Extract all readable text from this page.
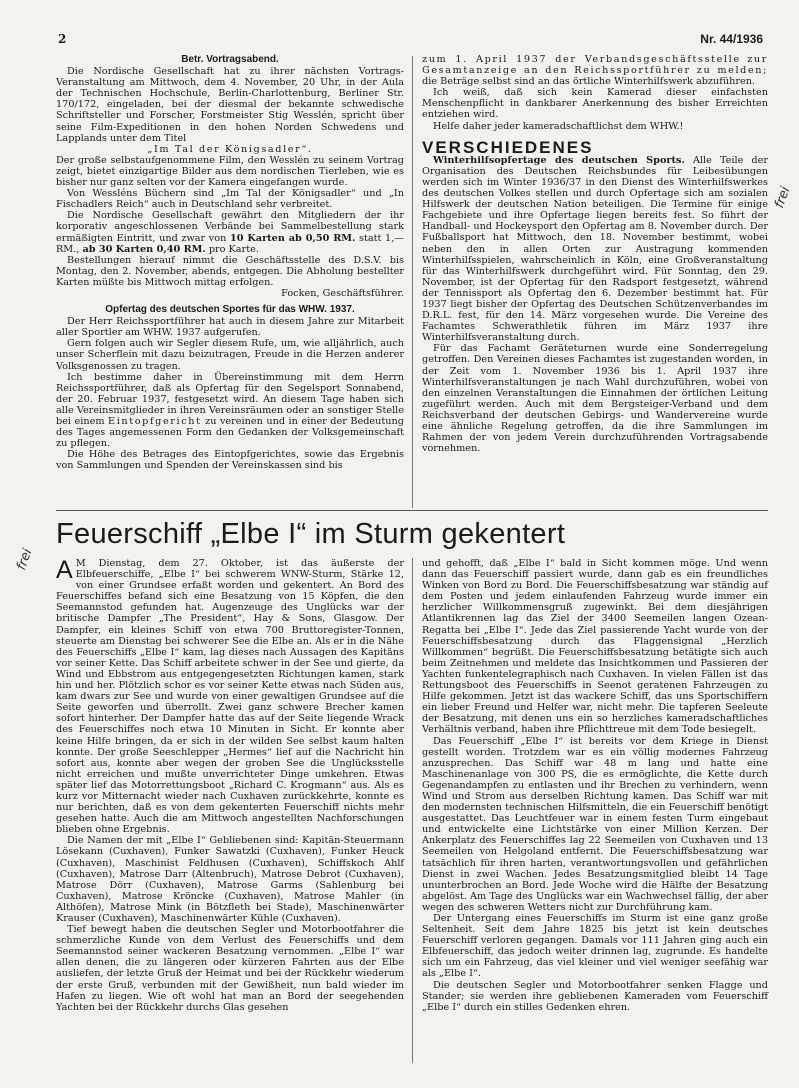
2	Nr. 44/1936
Betr. Vortragsabend.

Die Nordische Gesellschaft hat zu ihrer nächsten Vortrags-Veranstaltung am Mittwoch, dem 4. November, 20 Uhr, in der Aula der Technischen Hochschule, Berlin-Charlottenburg, Berliner Str. 170/172, eingeladen, bei der diesmal der bekannte schwedische Schriftsteller und Forscher, Forstmeister Stig Wesslén, spricht über seine Film-Expeditionen in den hohen Norden Schwedens und Lapplands unter dem Titel

„Im Tal der Königsadler“.

Der große selbstaufgenommene Film, den Wesslén zu seinem Vortrag zeigt, bietet einzigartige Bilder aus dem nordischen Tierleben, wie es bisher nur ganz selten vor der Kamera eingefangen wurde.

Von Wessléns Büchern sind „Im Tal der Königsadler“ und „In Fischadlers Reich“ auch in Deutschland sehr verbreitet.

Die Nordische Gesellschaft gewährt den Mitgliedern der ihr korporativ angeschlossenen Verbände bei Sammelbestellung stark ermäßigten Eintritt, und zwar von 10 Karten ab 0,50 RM. statt 1,— RM., ab 30 Karten 0,40 RM. pro Karte.

Bestellungen hierauf nimmt die Geschäftsstelle des D.S.V. bis Montag, den 2. November, abends, entgegen. Die Abholung bestellter Karten müßte bis Mittwoch mittag erfolgen.

Focken, Geschäftsführer.

Opfertag des deutschen Sportes für das WHW. 1937.

Der Herr Reichssportführer hat auch in diesem Jahre zur Mitarbeit aller Sportler am WHW. 1937 aufgerufen.

Gern folgen auch wir Segler diesem Rufe, um, wie alljährlich, auch unser Scherflein mit dazu beizutragen, Freude in die Herzen anderer Volksgenossen zu tragen.

Ich bestimme daher in Übereinstimmung mit dem Herrn Reichssportführer, daß als Opfertag für den Segelsport Sonnabend, der 20. Februar 1937, festgesetzt wird. An diesem Tage haben sich alle Vereinsmitglieder in ihren Vereinsräumen oder an sonstiger Stelle bei einem Eintopfgericht zu vereinen und in einer der Bedeutung des Tages angemessenen Form den Gedanken der Volksgemeinschaft zu pflegen.

Die Höhe des Betrages des Eintopfgerichtes, sowie das Ergebnis von Sammlungen und Spenden der Vereinskassen sind bis

zum 1. April 1937 der Verbandsgeschäftsstelle zur Gesamtanzeige an den Reichssportführer zu melden; die Beträge selbst sind an das örtliche Winterhilfswerk abzuführen.

Ich weiß, daß sich kein Kamerad dieser einfachsten Menschenpflicht in dankbarer Anerkennung des bisher Erreichten entziehen wird.

Helfe daher jeder kameradschaftlichst dem WHW.!

VERSCHIEDENES

Winterhilfsopfertage des deutschen Sports. Alle Teile der Organisation des Deutschen Reichsbundes für Leibesübungen werden sich im Winter 1936/37 in den Dienst des Winterhilfswerkes des deutschen Volkes stellen und durch Opfertage sich am sozialen Hilfswerk der deutschen Nation beteiligen. Die Termine für einige Fachgebiete und ihre Opfertage liegen bereits fest. So führt der Handball- und Hockeysport den Opfertag am 8. November durch. Der Fußballsport hat Mittwoch, den 18. November bestimmt, wobei neben den in allen Orten zur Austragung kommenden Winterhilfsspielen, wahrscheinlich in Köln, eine Großveranstaltung für das Winterhilfswerk durchgeführt wird. Für Sonntag, den 29. November, ist der Opfertag für den Radsport festgesetzt, während der Tennissport als Opfertag den 6. Dezember bestimmt hat. Für 1937 liegt bisher der Opfertag des Deutschen Schützenverbandes im D.R.L. fest, für den 14. März vorgesehen wurde. Die Vereine des Fachamtes Schwerathletik führen im März 1937 ihre Winterhilfsveranstaltung durch.

Für das Fachamt Geräteturnen wurde eine Sonderregelung getroffen. Den Vereinen dieses Fachamtes ist zugestanden worden, in der Zeit vom 1. November 1936 bis 1. April 1937 ihre Winterhilfsveranstaltungen je nach Wahl durchzuführen, wobei von den einzelnen Veranstaltungen die Einnahmen der örtlichen Leitung zugeführt werden. Auch mit dem Bergsteiger-Verband und dem Reichsverband der deutschen Gebirgs- und Wandervereine wurde eine ähnliche Regelung getroffen, da die ihre Sammlungen im Rahmen der von jedem Verein durchzuführenden Vortragsabende vornehmen.

Feuerschiff „Elbe I“ im Sturm gekentert

A M Dienstag, dem 27. Oktober, ist das äußerste der Elbfeuerschiffe, „Elbe I“ bei schwerem WNW-Sturm, Stärke 12, von einer Grundsee erfaßt worden und gekentert. An Bord des Feuerschiffes befand sich eine Besatzung von 15 Köpfen, die den Seemannstod gefunden hat. Augenzeuge des Unglücks war der britische Dampfer „The President“, Hay & Sons, Glasgow. Der Dampfer, ein kleines Schiff von etwa 700 Bruttoregister-Tonnen, steuerte am Dienstag bei schwerer See die Elbe an. Als er in die Nähe des Feuerschiffs „Elbe I“ kam, lag dieses nach Aussagen des Kapitäns vor seiner Kette. Das Schiff arbeitete schwer in der See und gierte, da Wind und Ebbstrom aus entgegengesetzten Richtungen kamen, stark hin und her. Plötzlich schor es vor seiner Kette etwas nach Süden aus, kam dwars zur See und wurde von einer gewaltigen Grundsee auf die Seite geworfen und überrollt. Zwei ganz schwere Brecher kamen sofort hinterher. Der Dampfer hatte das auf der Seite liegende Wrack des Feuerschiffes noch etwa 10 Minuten in Sicht. Er konnte aber keine Hilfe bringen, da er sich in der wilden See selbst kaum halten konnte. Der große Seeschlepper „Hermes“ lief auf die Nachricht hin sofort aus, konnte aber wegen der groben See die Unglücksstelle nicht erreichen und mußte unverrichteter Dinge umkehren. Etwas später lief das Motorrettungsboot „Richard C. Krogmann“ aus. Als es kurz vor Mitternacht wieder nach Cuxhaven zurückkehrte, konnte es nur berichten, daß es von dem gekenterten Feuerschiff nichts mehr gesehen hatte. Auch die am Mittwoch angestellten Nachforschungen blieben ohne Ergebnis.

Die Namen der mit „Elbe I“ Gebliebenen sind: Kapitän-Steuermann Lösekann (Cuxhaven), Funker Sawatzki (Cuxhaven), Funker Heuck (Cuxhaven), Maschinist Feldhusen (Cuxhaven), Schiffskoch Ahlf (Cuxhaven), Matrose Darr (Altenbruch), Matrose Debrot (Cuxhaven), Matrose Dörr (Cuxhaven), Matrose Garms (Sahlenburg bei Cuxhaven), Matrose Kröncke (Cuxhaven), Matrose Mahler (in Althöfen), Matrose Mink (in Bötzfleth bei Stade), Maschinenwärter Krauser (Cuxhaven), Maschinenwärter Kühle (Cuxhaven).

Tief bewegt haben die deutschen Segler und Motorbootfahrer die schmerzliche Kunde von dem Verlust des Feuerschiffs und dem Seemannstod seiner wackeren Besatzung vernommen. „Elbe I“ war allen denen, die zu längeren oder kürzeren Fahrten aus der Elbe ausliefen, der letzte Gruß der Heimat und bei der Rückkehr wiederum der erste Gruß, verbunden mit der Gewißheit, nun bald wieder im Hafen zu liegen. Wie oft wohl hat man an Bord der seegehenden Yachten bei der Rückkehr durchs Glas gesehen

und gehofft, daß „Elbe I“ bald in Sicht kommen möge. Und wenn dann das Feuerschiff passiert wurde, dann gab es ein freundliches Winken von Bord zu Bord. Die Feuerschiffsbesatzung war ständig auf dem Posten und jedem einlaufenden Fahrzeug wurde immer ein herzlicher Willkommensgruß zugewinkt. Bei dem diesjährigen Atlantikrennen lag das Ziel der 3400 Seemeilen langen Ozean-Regatta bei „Elbe I“. Jede das Ziel passierende Yacht wurde von der Feuerschiffsbesatzung durch das Flaggensignal „Herzlich Willkommen“ begrüßt. Die Feuerschiffsbesatzung betätigte sich auch beim Zeitnehmen und meldete das Insichtkommen und Passieren der Yachten funkentelegraphisch nach Cuxhaven. In vielen Fällen ist das Rettungsboot des Feuerschiffs in Seenot geratenen Fahrzeugen zu Hilfe gekommen. Jetzt ist das wackere Schiff, das uns Sportschiffern ein lieber Freund und Helfer war, nicht mehr. Die tapferen Seeleute der Besatzung, mit denen uns ein so herzliches kameradschaftliches Verhältnis verband, haben ihre Pflichttreue mit dem Tode besiegelt.

Das Feuerschiff „Elbe I“ ist bereits vor dem Kriege in Dienst gestellt worden. Trotzdem war es ein völlig modernes Fahrzeug anzusprechen. Das Schiff war 48 m lang und hatte eine Maschinenanlage von 300 PS, die es ermöglichte, die Kette durch Gegenandampfen zu entlasten und ihr Brechen zu verhindern, wenn Wind und Strom aus derselben Richtung kamen. Das Schiff war mit den modernsten technischen Hilfsmitteln, die ein Feuerschiff benötigt ausgestattet. Das Leuchtfeuer war in einem festen Turm eingebaut und entwickelte eine Lichtstärke von einer Million Kerzen. Der Ankerplatz des Feuerschiffes lag 22 Seemeilen von Cuxhaven und 13 Seemeilen von Helgoland entfernt. Die Feuerschiffsbesatzung war tatsächlich für ihren harten, verantwortungsvollen und gefährlichen Dienst in zwei Wachen. Jedes Besatzungsmitglied bleibt 14 Tage ununterbrochen an Bord. Jede Woche wird die Hälfte der Besatzung abgelöst. Am Tage des Unglücks war ein Wachwechsel fällig, der aber wegen des schweren Wetters nicht zur Durchführung kam.

Der Untergang eines Feuerschiffs im Sturm ist eine ganz große Seltenheit. Seit dem Jahre 1825 bis jetzt ist kein deutsches Feuerschiff verloren gegangen. Damals vor 111 Jahren ging auch ein Elbfeuerschiff, das jedoch weiter drinnen lag, zugrunde. Es handelte sich um ein Fahrzeug, das viel kleiner und viel weniger seefähig war als „Elbe I“.

Die deutschen Segler und Motorbootfahrer senken Flagge und Stander; sie werden ihre gebliebenen Kameraden vom Feuerschiff „Elbe I“ durch ein stilles Gedenken ehren.

frei
frei
